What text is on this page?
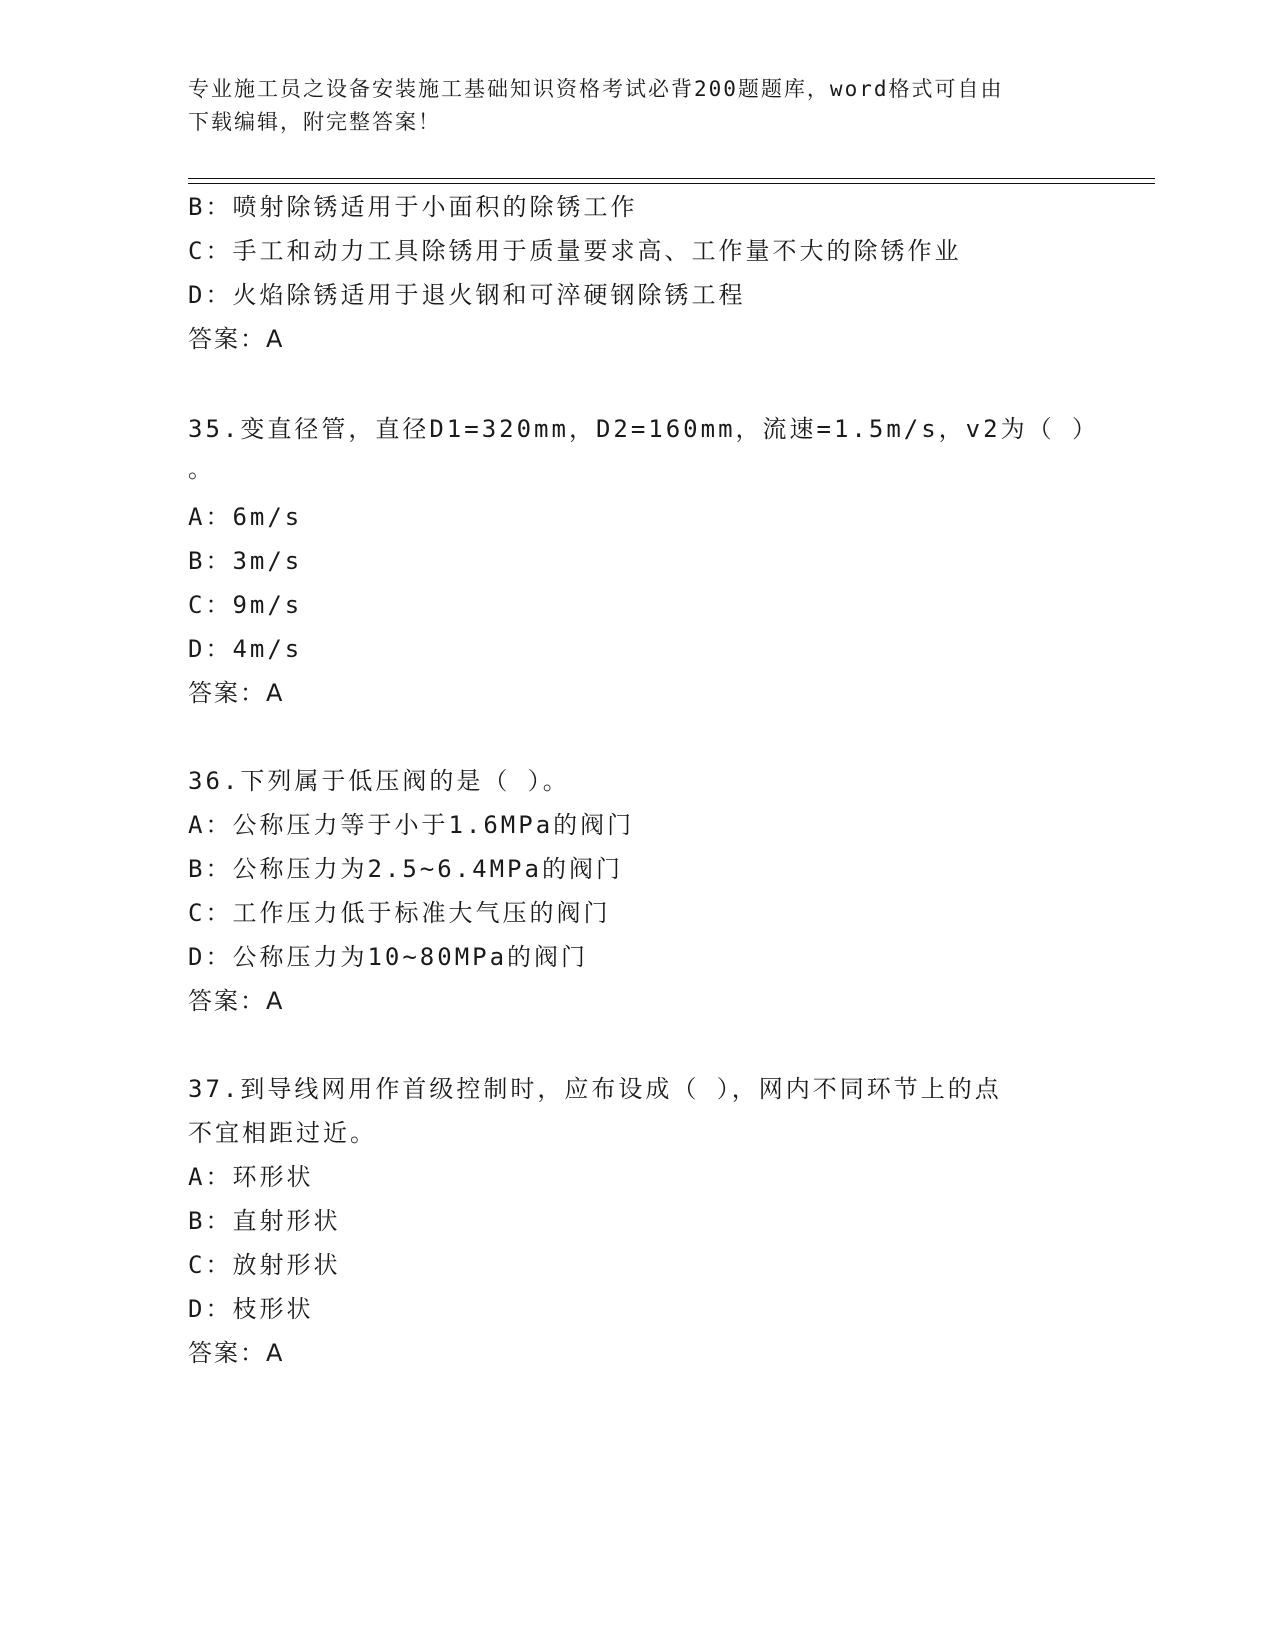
专业施工员之设备安装施工基础知识资格考试必背200题题库，word格式可自由
下载编辑，附完整答案！
B：喷射除锈适用于小面积的除锈工作
C：手工和动力工具除锈用于质量要求高、工作量不大的除锈作业
D：火焰除锈适用于退火钢和可淬硬钢除锈工程
答案：A
35.变直径管，直径D1=320mm，D2=160mm，流速=1.5m/s，v2为（ ）
。
A：6m/s
B：3m/s
C：9m/s
D：4m/s
答案：A
36.下列属于低压阀的是（ ）。
A：公称压力等于小于1.6MPa的阀门
B：公称压力为2.5~6.4MPa的阀门
C：工作压力低于标准大气压的阀门
D：公称压力为10~80MPa的阀门
答案：A
37.到导线网用作首级控制时，应布设成（ ），网内不同环节上的点
不宜相距过近。
A：环形状
B：直射形状
C：放射形状
D：枝形状
答案：A
